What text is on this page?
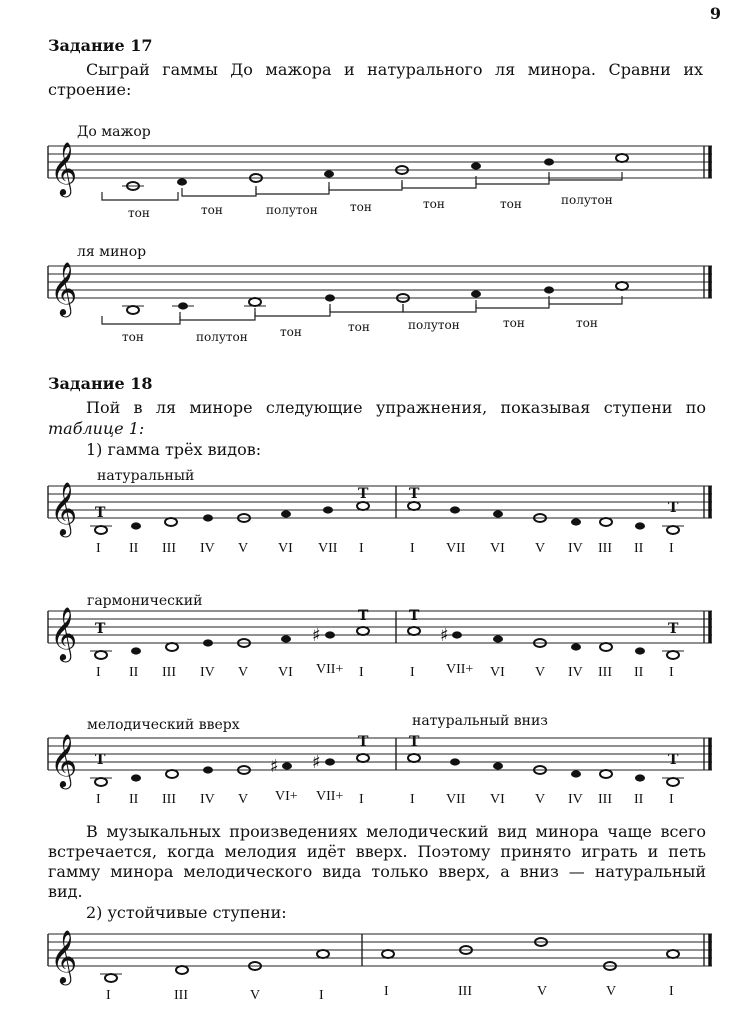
9
Задание 17
Сыграй гаммы До мажора и натурального ля минора. Сравни их строение:
До мажор
𝄞
тон	тон	полутон	тон	тон	тон	полутон
ля минор
𝄞
тон	полутон	тон	тон	полутон	тон	тон
Задание 18
Пой в ля миноре следующие упражнения, показывая ступени по
таблице 1:
1) гамма трёх видов:
натуральный
𝄞 Т
Т	Т
Т
I II III IV V VI VII I	I VII VI V IV III II I
гармонический
𝄞	♯	♯
Т
Т	Т
Т
I II III IV V VI VII+ I	I VII+ VI V IV III II I
мелодический вверх	натуральный вниз
𝄞	♯ ♯
Т
Т	Т
Т
I II III IV V VI+ VII+ I	I VII VI V IV III II I
В музыкальных произведениях мелодический вид минора чаще всего
встречается, когда мелодия идёт вверх. Поэтому принято играть и петь
гамму минора мелодического вида только вверх, а вниз — натуральный
вид.
2) устойчивые ступени:
𝄞
I	III	V	I	I	III	V	V	I
